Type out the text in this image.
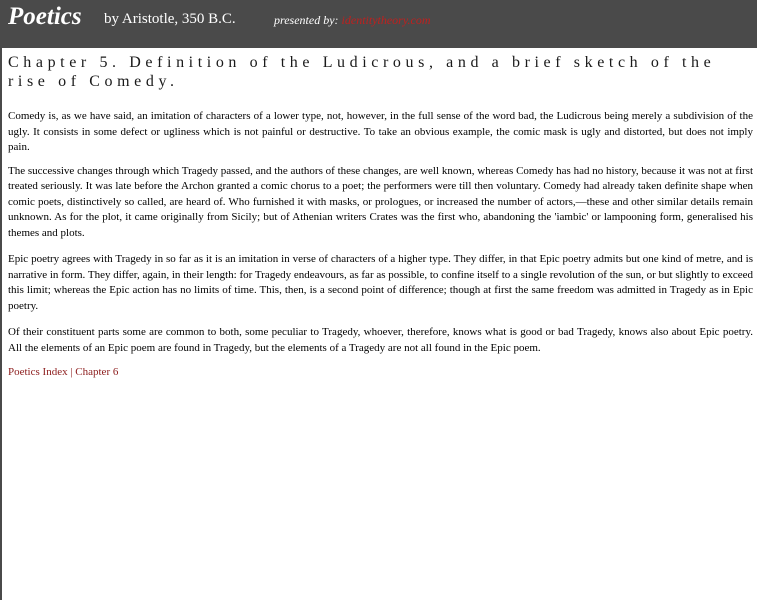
Poetics by Aristotle, 350 B.C.	presented by: identitytheory.com
Chapter 5. Definition of the Ludicrous, and a brief sketch of the rise of Comedy.

Comedy is, as we have said, an imitation of characters of a lower type, not, however, in the full sense of the word bad, the Ludicrous being merely a subdivision of the ugly. It consists in some defect or ugliness which is not painful or destructive. To take an obvious example, the comic mask is ugly and distorted, but does not imply pain.

The successive changes through which Tragedy passed, and the authors of these changes, are well known, whereas Comedy has had no history, because it was not at first treated seriously. It was late before the Archon granted a comic chorus to a poet; the performers were till then voluntary. Comedy had already taken definite shape when comic poets, distinctively so called, are heard of. Who furnished it with masks, or prologues, or increased the number of actors,—these and other similar details remain unknown. As for the plot, it came originally from Sicily; but of Athenian writers Crates was the first who, abandoning the 'iambic' or lampooning form, generalised his themes and plots.

Epic poetry agrees with Tragedy in so far as it is an imitation in verse of characters of a higher type. They differ, in that Epic poetry admits but one kind of metre, and is narrative in form. They differ, again, in their length: for Tragedy endeavours, as far as possible, to confine itself to a single revolution of the sun, or but slightly to exceed this limit; whereas the Epic action has no limits of time. This, then, is a second point of difference; though at first the same freedom was admitted in Tragedy as in Epic poetry.

Of their constituent parts some are common to both, some peculiar to Tragedy, whoever, therefore, knows what is good or bad Tragedy, knows also about Epic poetry. All the elements of an Epic poem are found in Tragedy, but the elements of a Tragedy are not all found in the Epic poem.

Poetics Index | Chapter 6
